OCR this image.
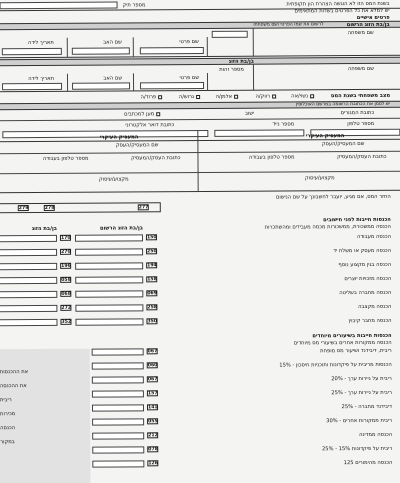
מספר תיק	בשנת המס הזו לא הוגשה הצהרת הון תקופתית
יש למלא את כל הפרטים בשדות המתאימים
פרטים אישיים
בן/בת הזוג הרשום
לרשום את שמו הפרטי ושם משפחתו
שם משפחה
שם פרטי
שם האב
תאריך לידה
בן/בת הזוג
שם משפחה
מספר זהות
שם פרטי
שם האב
תאריך לידה
מצב משפחתי בשנת המס
נשוי/אה
רווק/ה
אלמן/ה
גרוש/ה
פרוד/ה
יש לסמן את הכתובת הרשומה במרשם האוכלוסין
כתובת המגורים
ישוב
מען למכתבים
מספר טלפון
מספר נייד
כתובת דואר אלקטרוני
המעסיק העיקרי
המעסיק העיקרי
שם המעסיק/העסק
שם המעסיק/העסק
כתובת העסק/המעסיק
מספר טלפון בעבודה
כתובת העסק/המעסיק
מספר טלפון בעבודה
מקצוע/עיסוק
מקצוע/עיסוק
החזר המס, אם מגיע, יועבר לחשבונך על שם הנישום
277
278
279
הכנסות חייבות לפני חישובים
הכנסה ממשכורת, ממשכורות מכמה מעבידים ומהשתכרות
בן/בת הזוג הרשום
בן/בת הזוג
הכנסה מעבודה
150
170
הכנסה מעסק או משלח יד
250
270
הכנסה בגין מקצוע נוסף
194
196
הכנסה מזכויות יוצרים
158
058
הכנסה מחברה בשליטה
069
068
הכנסה מקצבה
258
272
הכנסה מחבר קיבוץ
350
352
הכנסות חייבות בשיעורים מיוחדים
הכנסה ממקורות אחרים בשיעורי מס מיוחדים
ריבית, דיבידנד ושיעור מס מופחת
067
הכנסות מריבית על פיקדונות ותוכניות חיסכון - 15%
060
ריבית על ניירות ערך - 20%
067
ריבית על ניירות ערך - 25%
157
דיבידנד מחברה - 25%
141
ריבית ממקורות אחרים - 30%
055
הכנסה ממדינה
212
ריבית על פיקדונות 15% - 25%
078
הכנסה מהימורים 125
126
את ההכנסות
את ההכנסה
ריבית
מכירות
הכנסה
במקור
